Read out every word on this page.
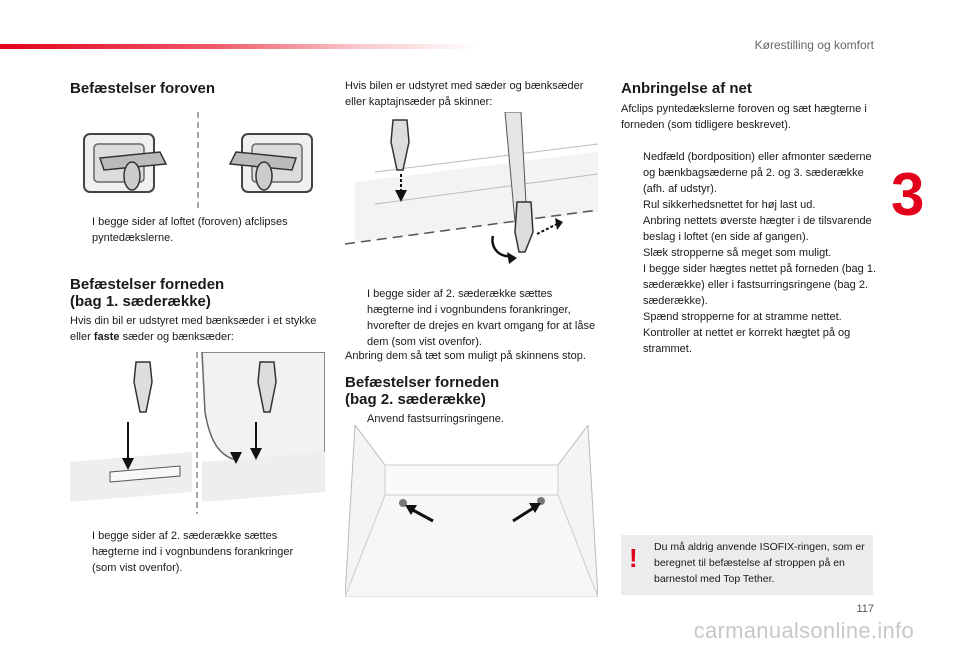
Kørestilling og komfort
3
Befæstelser foroven
I begge sider af loftet (foroven) afclipses pyntedækslerne.
Befæstelser forneden
(bag 1. sæderække)

Hvis din bil er udstyret med bænksæder i et stykke eller faste sæder og bænksæder:

I begge sider af 2. sæderække sættes hægterne ind i vognbundens forankringer (som vist ovenfor).

Hvis bilen er udstyret med sæder og bænksæder eller kaptajnsæder på skinner:

I begge sider af 2. sæderække sættes hægterne ind i vognbundens forankringer, hvorefter de drejes en kvart omgang for at låse dem (som vist ovenfor).

Anbring dem så tæt som muligt på skinnens stop.

Befæstelser forneden
(bag 2. sæderække)
Anvend fastsurringsringene.
Anbringelse af net

Afclips pyntedækslerne foroven og sæt hægterne i forneden (som tidligere beskrevet).

Nedfæld (bordposition) eller afmonter sæderne og bænkbagsæderne på 2. og 3. sæderække (afh. af udstyr).
Rul sikkerhedsnettet for høj last ud.
Anbring nettets øverste hægter i de tilsvarende beslag i loftet (en side af gangen).
Slæk stropperne så meget som muligt.
I begge sider hægtes nettet på forneden (bag 1. sæderække) eller i fastsurringsringene (bag 2. sæderække).
Spænd stropperne for at stramme nettet.
Kontroller at nettet er korrekt hægtet på og strammet.
! Du må aldrig anvende ISOFIX-ringen, som er beregnet til befæstelse af stroppen på en barnestol med Top Tether.
117
carmanualsonline.info
